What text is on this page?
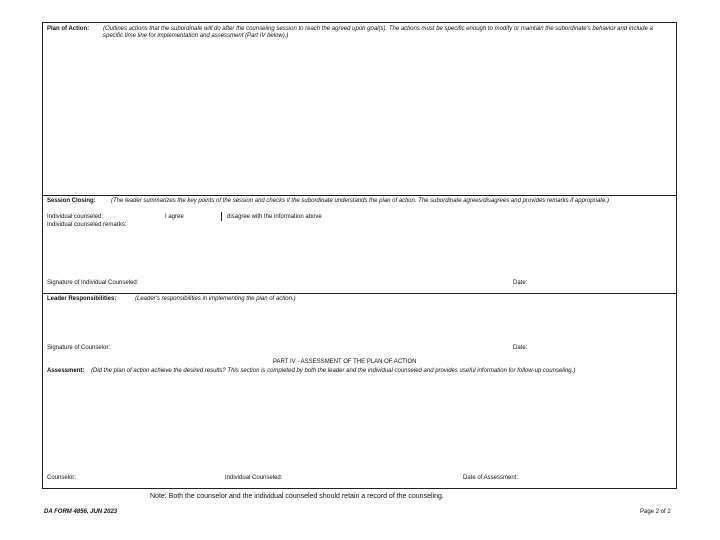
Plan of Action: (Outlines actions that the subordinate will do after the counseling session to reach the agreed upon goal(s). The actions must be specific enough to modify or maintain the subordinate's behavior and include a specific time line for implementation and assessment (Part IV below).)
Session Closing:	(The leader summarizes the key points of the session and checks if the subordinate understands the plan of action. The subordinate agrees/disagrees and provides remarks if appropriate.)
Individual counseled:	I agree	disagree with the information above
Individual counseled remarks:
Signature of Individual Counseled:	Date:
Leader Responsibilities:	(Leader's responsibilities in implementing the plan of action.)
Signature of Counselor:	Date:
PART IV - ASSESSMENT OF THE PLAN OF ACTION
Assessment: (Did the plan of action achieve the desired results? This section is completed by both the leader and the individual counseled and provides useful information for follow-up counseling.)
Counselor:	Individual Counseled:	Date of Assessment:
Note: Both the counselor and the individual counseled should retain a record of the counseling.
DA FORM 4856, JUN 2023	Page 2 of 2
